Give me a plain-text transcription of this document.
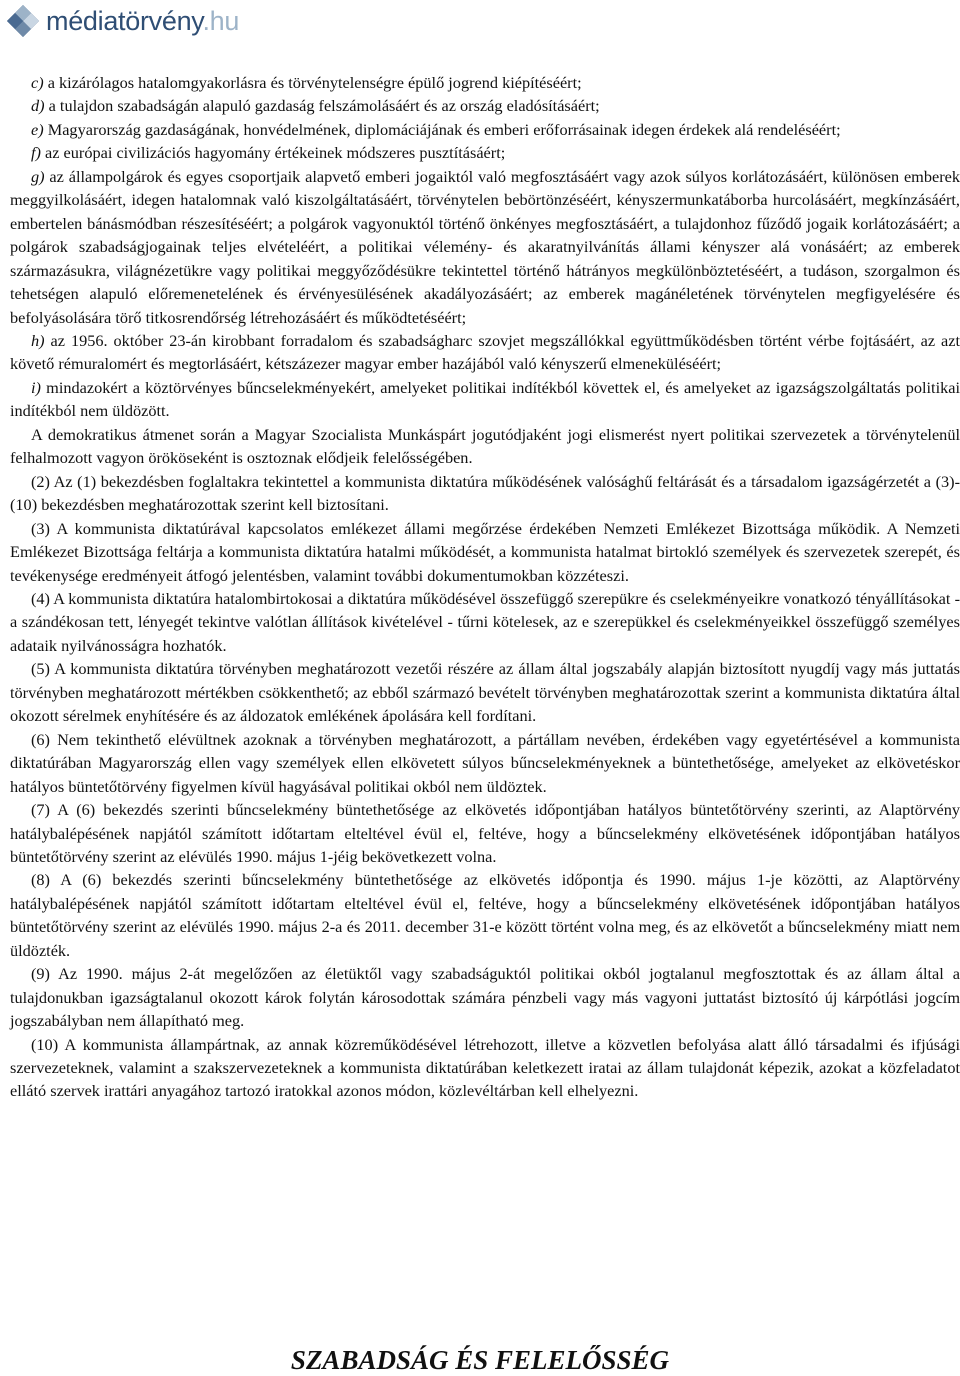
médiatörvény.hu

c) a kizárólagos hatalomgyakorlásra és törvénytelenségre épülő jogrend kiépítéséért;

d) a tulajdon szabadságán alapuló gazdaság felszámolásáért és az ország eladósításáért;

e) Magyarország gazdaságának, honvédelmének, diplomáciájának és emberi erőforrásainak idegen érdekek alá rendeléséért;

f) az európai civilizációs hagyomány értékeinek módszeres pusztításáért;

g) az állampolgárok és egyes csoportjaik alapvető emberi jogaiktól való megfosztásáért vagy azok súlyos korlátozásáért, különösen emberek meggyilkolásáért, idegen hatalomnak való kiszolgáltatásáért, törvénytelen bebörtönzéséért, kényszermunkatáborba hurcolásáért, megkínzásáért, embertelen bánásmódban részesítéséért; a polgárok vagyonuktól történő önkényes megfosztásáért, a tulajdonhoz fűződő jogaik korlátozásáért; a polgárok szabadságjogainak teljes elvételéért, a politikai vélemény- és akaratnyilvánítás állami kényszer alá vonásáért; az emberek származásukra, világnézetükre vagy politikai meggyőződésükre tekintettel történő hátrányos megkülönböztetéséért, a tudáson, szorgalmon és tehetségen alapuló előremenetelének és érvényesülésének akadályozásáért; az emberek magánéletének törvénytelen megfigyelésére és befolyásolására törő titkosrendőrség létrehozásáért és működtetéséért;

h) az 1956. október 23-án kirobbant forradalom és szabadságharc szovjet megszállókkal együttműködésben történt vérbe fojtásáért, az azt követő rémuralomért és megtorlásáért, kétszázezer magyar ember hazájából való kényszerű elmeneküléséért;

i) mindazokért a köztörvényes bűncselekményekért, amelyeket politikai indítékból követtek el, és amelyeket az igazságszolgáltatás politikai indítékból nem üldözött.

A demokratikus átmenet során a Magyar Szocialista Munkáspárt jogutódjaként jogi elismerést nyert politikai szervezetek a törvénytelenül felhalmozott vagyon örököseként is osztoznak elődjeik felelősségében.

(2) Az (1) bekezdésben foglaltakra tekintettel a kommunista diktatúra működésének valósághű feltárását és a társadalom igazságérzetét a (3)-(10) bekezdésben meghatározottak szerint kell biztosítani.

(3) A kommunista diktatúrával kapcsolatos emlékezet állami megőrzése érdekében Nemzeti Emlékezet Bizottsága működik. A Nemzeti Emlékezet Bizottsága feltárja a kommunista diktatúra hatalmi működését, a kommunista hatalmat birtokló személyek és szervezetek szerepét, és tevékenysége eredményeit átfogó jelentésben, valamint további dokumentumokban közzéteszi.

(4) A kommunista diktatúra hatalombirtokosai a diktatúra működésével összefüggő szerepükre és cselekményeikre vonatkozó tényállításokat - a szándékosan tett, lényegét tekintve valótlan állítások kivételével - tűrni kötelesek, az e szerepükkel és cselekményeikkel összefüggő személyes adataik nyilvánosságra hozhatók.

(5) A kommunista diktatúra törvényben meghatározott vezetői részére az állam által jogszabály alapján biztosított nyugdíj vagy más juttatás törvényben meghatározott mértékben csökkenthető; az ebből származó bevételt törvényben meghatározottak szerint a kommunista diktatúra által okozott sérelmek enyhítésére és az áldozatok emlékének ápolására kell fordítani.

(6) Nem tekinthető elévültnek azoknak a törvényben meghatározott, a pártállam nevében, érdekében vagy egyetértésével a kommunista diktatúrában Magyarország ellen vagy személyek ellen elkövetett súlyos bűncselekményeknek a büntethetősége, amelyeket az elkövetéskor hatályos büntetőtörvény figyelmen kívül hagyásával politikai okból nem üldöztek.

(7) A (6) bekezdés szerinti bűncselekmény büntethetősége az elkövetés időpontjában hatályos büntetőtörvény szerinti, az Alaptörvény hatálybalépésének napjától számított időtartam elteltével évül el, feltéve, hogy a bűncselekmény elkövetésének időpontjában hatályos büntetőtörvény szerint az elévülés 1990. május 1-jéig bekövetkezett volna.

(8) A (6) bekezdés szerinti bűncselekmény büntethetősége az elkövetés időpontja és 1990. május 1-je közötti, az Alaptörvény hatálybalépésének napjától számított időtartam elteltével évül el, feltéve, hogy a bűncselekmény elkövetésének időpontjában hatályos büntetőtörvény szerint az elévülés 1990. május 2-a és 2011. december 31-e között történt volna meg, és az elkövetőt a bűncselekmény miatt nem üldözték.

(9) Az 1990. május 2-át megelőzően az életüktől vagy szabadságuktól politikai okból jogtalanul megfosztottak és az állam által a tulajdonukban igazságtalanul okozott károk folytán károsodottak számára pénzbeli vagy más vagyoni juttatást biztosító új kárpótlási jogcím jogszabályban nem állapítható meg.

(10) A kommunista állampártnak, az annak közreműködésével létrehozott, illetve a közvetlen befolyása alatt álló társadalmi és ifjúsági szervezeteknek, valamint a szakszervezeteknek a kommunista diktatúrában keletkezett iratai az állam tulajdonát képezik, azokat a közfeladatot ellátó szervek irattári anyagához tartozó iratokkal azonos módon, közlevéltárban kell elhelyezni.

SZABADSÁG ÉS FELELŐSSÉG
